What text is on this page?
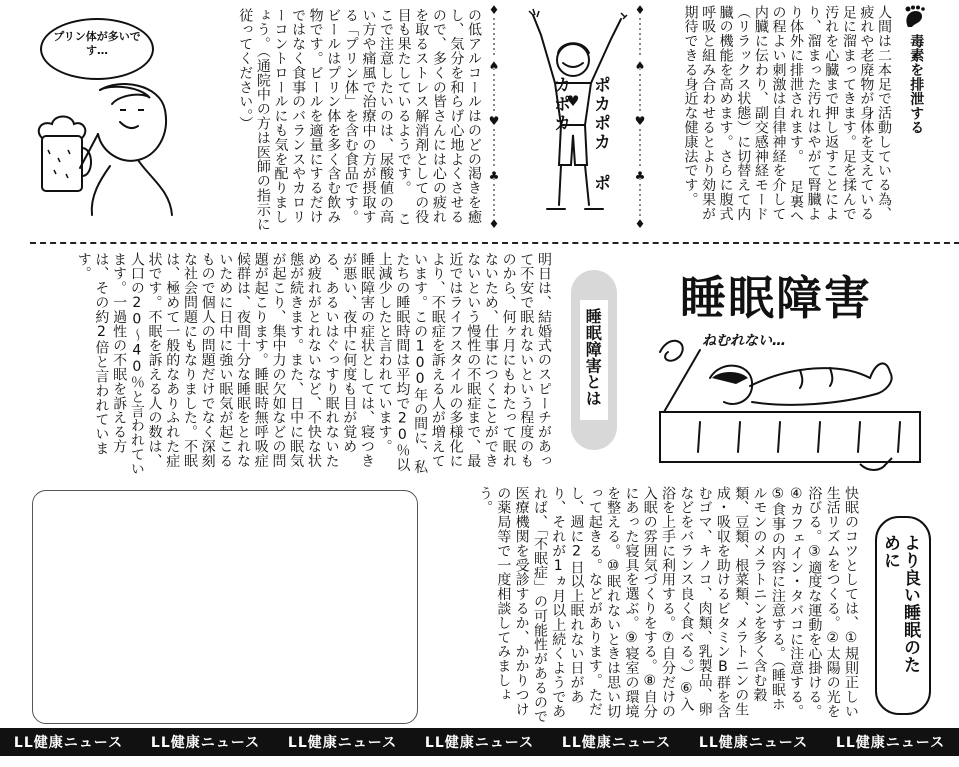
毒素を排泄する
人間は二本足で活動している為、疲れや老廃物が身体を支えている足に溜まってきます。足を揉んで汚れを心臓まで押し返すことにより、溜まった汚れはやがて腎臓より体外に排泄されます。 足裏への程よい刺激は自律神経を介して内臓に伝わり、副交感神経モード（リラックス状態）に切替えて内臓の機能を高めます。さらに腹式呼吸と組み合わせるとより効果が期待できる身近な健康法です。
♦
♠
♥
♣
♦
♦
♠
♥
♣
♦
ポカポカ ポカポカ
の低アルコールはのどの渇きを癒し、気分を和らげ心地よくさせるので、多くの皆さんには心の疲れを取るストレス解消剤としての役目も果たしているようです。 ここで注意したいのは、尿酸値の高い方や痛風で治療中の方が摂取する「プリン体」を含む食品です。ビールはプリン体を多く含む飲み物です。ビールを適量にするだけではなく食事のバランスやカロリーコントロールにも気を配りましょう。（通院中の方は医師の指示に従ってください。）
プリン体が多いです…
睡眠障害
ねむれない…
睡眠障害とは
明日は、結婚式のスピーチがあって不安で眠れないという程度のものから、何ヶ月にもわたって眠れないため、仕事につくことができないという慢性の不眠症まで、最近ではライフスタイルの多様化により、不眠症を訴える人が増えています。この100年の間に、私たちの睡眠時間は平均で20％以上減少したと言われています。 睡眠障害の症状としては、寝つきが悪い、夜中に何度も目が覚める、あるいはぐっすり眠れないため疲れがとれないなど、不快な状態が続きます。また、日中に眠気が起こり、集中力の欠如などの問題が起こります。睡眠時無呼吸症候群は、夜間十分な睡眠をとれないために日中に強い眠気が起こるもので個人の問題だけでなく深刻な社会問題にもなりました。不眠は、極めて一般的なありふれた症状です。不眠を訴える人の数は、人口の20〜40％と言われています。一過性の不眠を訴える方は、その約2倍と言われています。
より良い睡眠のために
快眠のコツとしては、①規則正しい生活リズムをつくる。②太陽の光を浴びる。③適度な運動を心掛ける。④カフェイン・タバコに注意する。⑤食事の内容に注意する。（睡眠ホルモンのメラトニンを多く含む穀類、豆類、根菜類、メラトニンの生成・吸収を助けるビタミンB群を含むゴマ、キノコ、肉類、乳製品、卵などをバランス良く食べる。）⑥入浴を上手に利用する。⑦自分だけの入眠の雰囲気づくりをする。⑧自分にあった寝具を選ぶ。⑨寝室の環境を整える。⑩眠れないときは思い切って起きる。などがあります。ただし、週に2日以上眠れない日があり、それが1ヵ月以上続くようであれば、「不眠症」の可能性があるので医療機関を受診するか、かかりつけの薬局等で一度相談してみましょう。
LL健康ニュース LL健康ニュース LL健康ニュース LL健康ニュース LL健康ニュース LL健康ニュース LL健康ニュース
